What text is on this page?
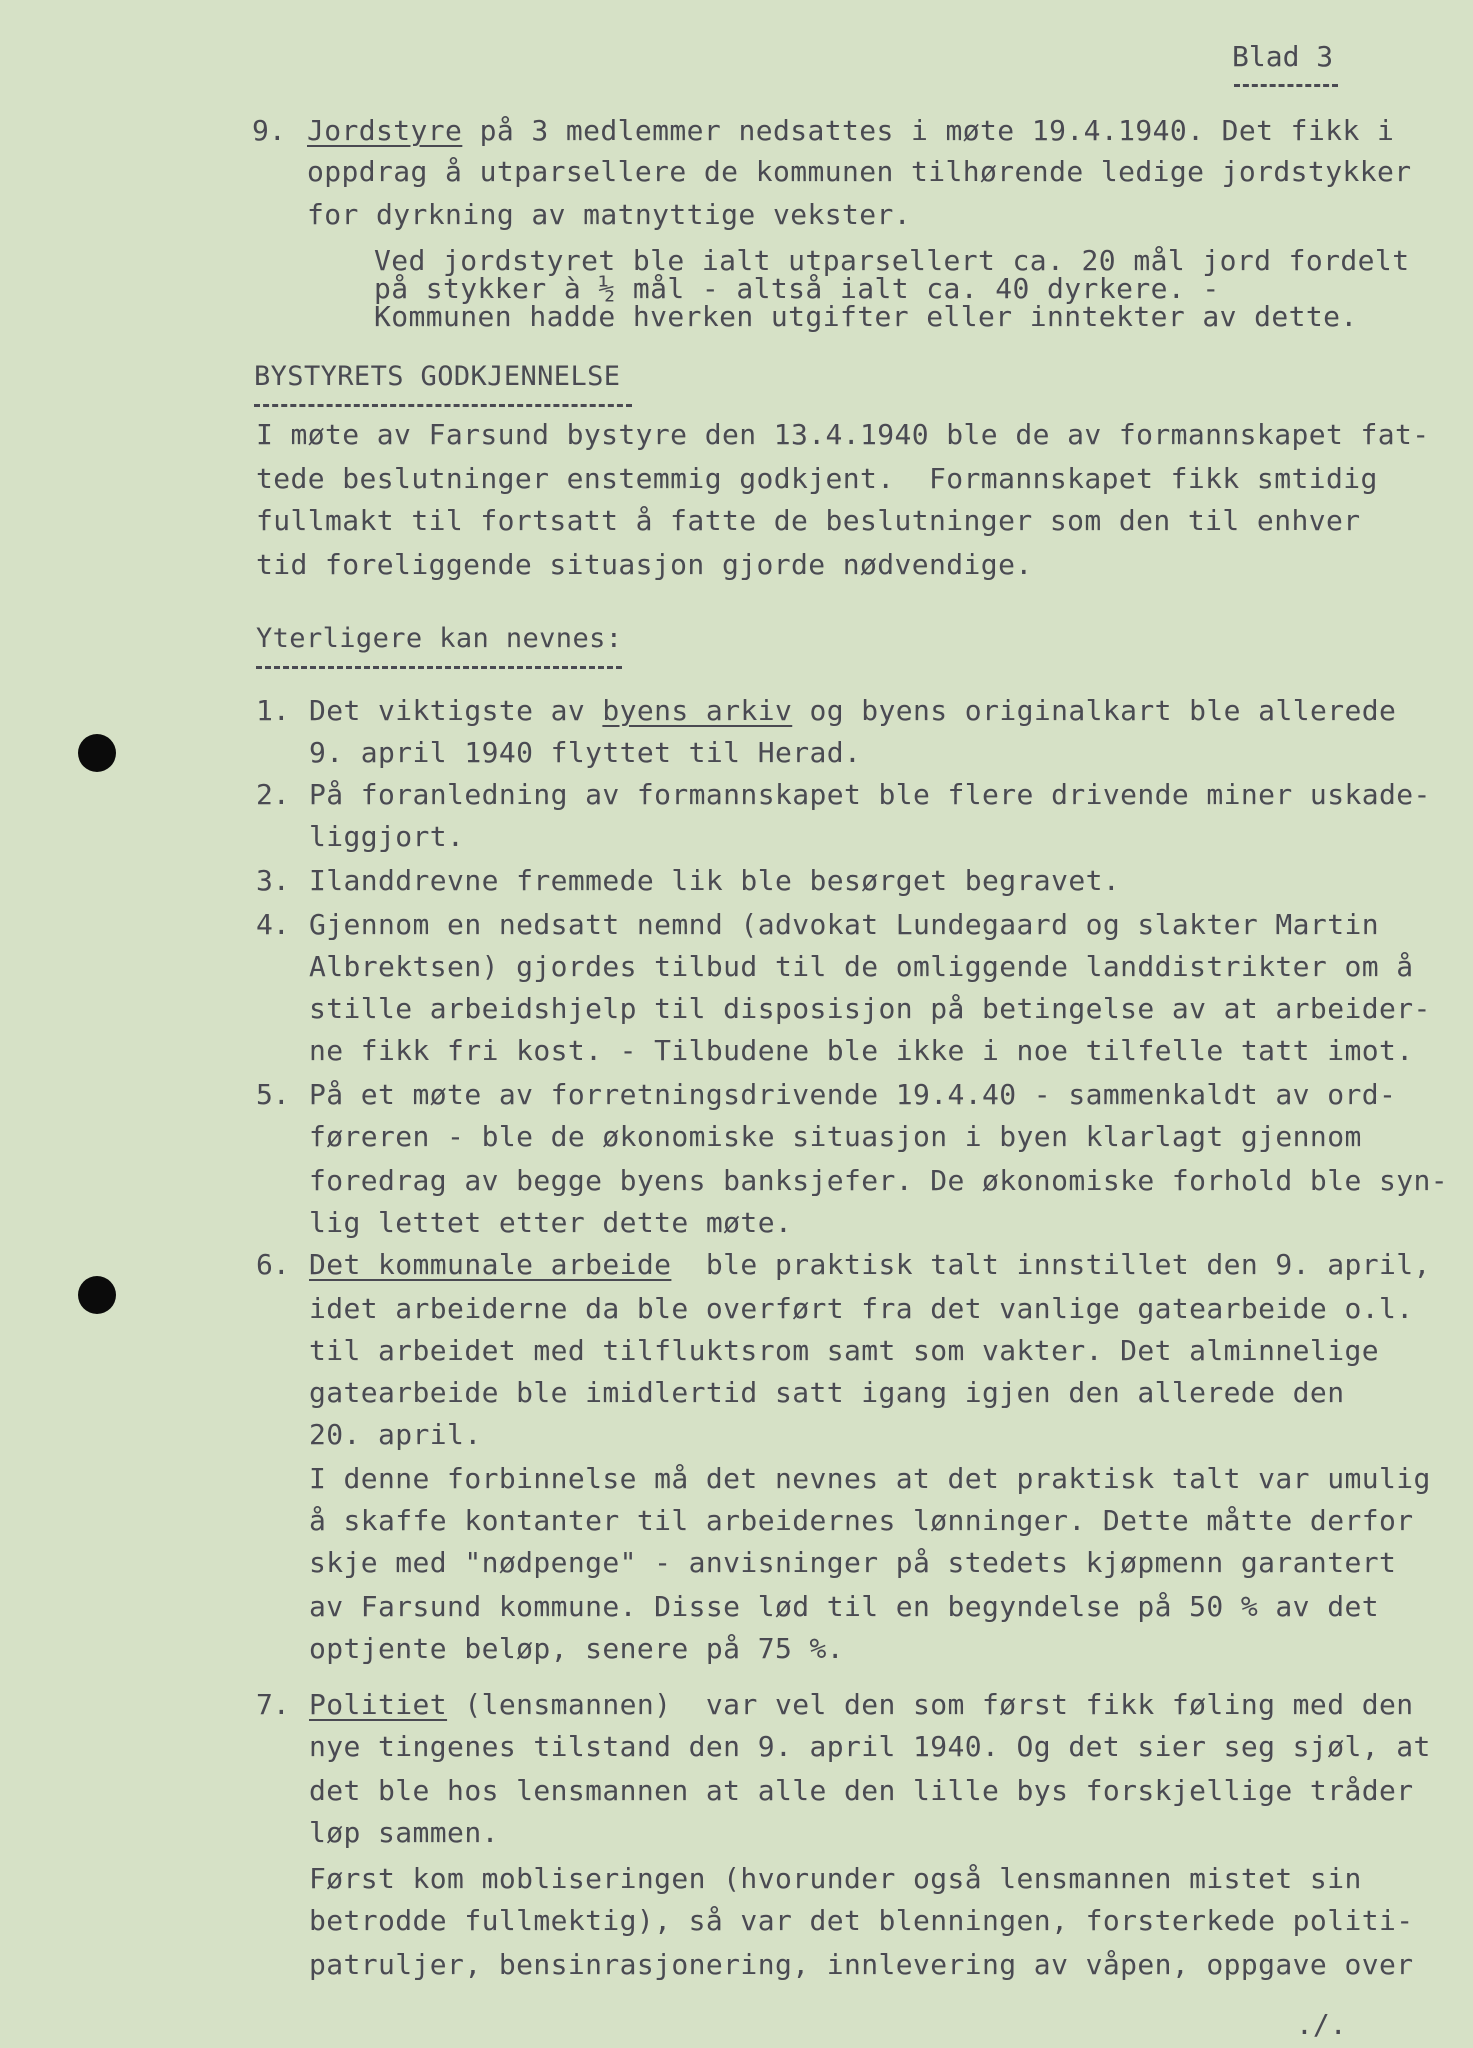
Blad 3
9. Jordstyre på 3 medlemmer nedsattes i møte 19.4.1940. Det fikk i
oppdrag å utparsellere de kommunen tilhørende ledige jordstykker
for dyrkning av matnyttige vekster.
Ved jordstyret ble ialt utparsellert ca. 20 mål jord fordelt
på stykker à ½ mål - altså ialt ca. 40 dyrkere. -
Kommunen hadde hverken utgifter eller inntekter av dette.
BYSTYRETS GODKJENNELSE
I møte av Farsund bystyre den 13.4.1940 ble de av formannskapet fat-
tede beslutninger enstemmig godkjent.  Formannskapet fikk smtidig
fullmakt til fortsatt å fatte de beslutninger som den til enhver
tid foreliggende situasjon gjorde nødvendige.
Yterligere kan nevnes:
1. Det viktigste av byens arkiv og byens originalkart ble allerede
9. april 1940 flyttet til Herad.
2. På foranledning av formannskapet ble flere drivende miner uskade-
liggjort.
3. Ilanddrevne fremmede lik ble besørget begravet.
4. Gjennom en nedsatt nemnd (advokat Lundegaard og slakter Martin
Albrektsen) gjordes tilbud til de omliggende landdistrikter om å
stille arbeidshjelp til disposisjon på betingelse av at arbeider-
ne fikk fri kost. - Tilbudene ble ikke i noe tilfelle tatt imot.
5. På et møte av forretningsdrivende 19.4.40 - sammenkaldt av ord-
føreren - ble de økonomiske situasjon i byen klarlagt gjennom
foredrag av begge byens banksjefer. De økonomiske forhold ble syn-
lig lettet etter dette møte.
6. Det kommunale arbeide  ble praktisk talt innstillet den 9. april,
idet arbeiderne da ble overført fra det vanlige gatearbeide o.l.
til arbeidet med tilfluktsrom samt som vakter. Det alminnelige
gatearbeide ble imidlertid satt igang igjen den allerede den
20. april.
I denne forbinnelse må det nevnes at det praktisk talt var umulig
å skaffe kontanter til arbeidernes lønninger. Dette måtte derfor
skje med "nødpenge" - anvisninger på stedets kjøpmenn garantert
av Farsund kommune. Disse lød til en begyndelse på 50 % av det
optjente beløp, senere på 75 %.
7. Politiet (lensmannen)  var vel den som først fikk føling med den
nye tingenes tilstand den 9. april 1940. Og det sier seg sjøl, at
det ble hos lensmannen at alle den lille bys forskjellige tråder
løp sammen.
Først kom mobliseringen (hvorunder også lensmannen mistet sin
betrodde fullmektig), så var det blenningen, forsterkede politi-
patruljer, bensinrasjonering, innlevering av våpen, oppgave over
./.
